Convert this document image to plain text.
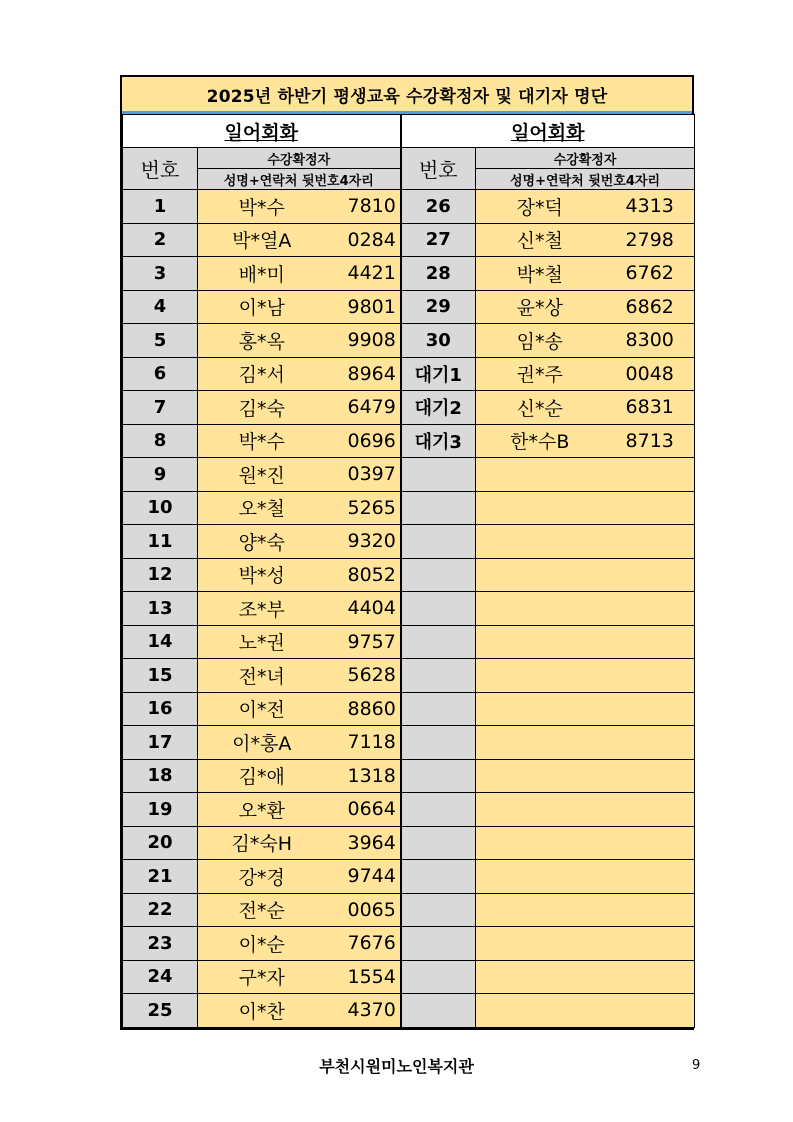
2025년 하반기 평생교육 수강확정자 및 대기자 명단
일어회화			일어회화		
번호	수강확정자		번호	수강확정자	
	성명+연락처 뒷번호4자리			성명+연락처 뒷번호4자리	
1	박*수	7810	26	장*덕	4313
2	박*열A	0284	27	신*철	2798
3	배*미	4421	28	박*철	6762
4	이*남	9801	29	윤*상	6862
5	홍*옥	9908	30	임*송	8300
6	김*서	8964	대기1	권*주	0048
7	김*숙	6479	대기2	신*순	6831
8	박*수	0696	대기3	한*수B	8713
9	원*진	0397			
10	오*철	5265			
11	양*숙	9320			
12	박*성	8052			
13	조*부	4404			
14	노*권	9757			
15	전*녀	5628			
16	이*전	8860			
17	이*홍A	7118			
18	김*애	1318			
19	오*환	0664			
20	김*숙H	3964			
21	강*경	9744			
22	전*순	0065			
23	이*순	7676			
24	구*자	1554			
25	이*찬	4370			
부천시원미노인복지관	9
